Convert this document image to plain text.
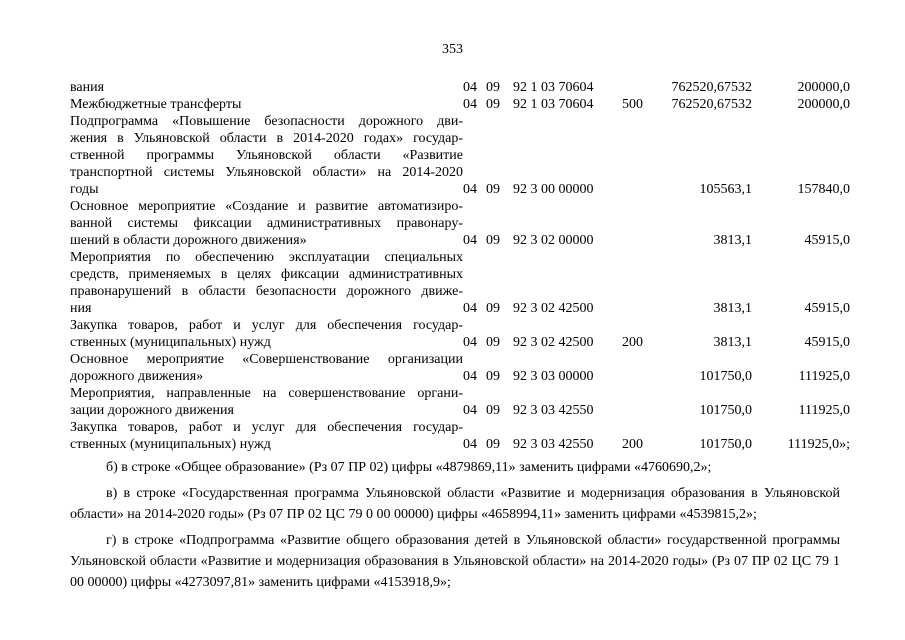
353
вания	04	09	92 1 03 70604		762520,67532	200000,0

Межбюджетные трансферты	04	09	92 1 03 70604	500	762520,67532	200000,0

Подпрограмма «Повышение безопасности дорожного дви-
жения в Ульяновской области в 2014-2020 годах» государ-
ственной программы Ульяновской области «Развитие
транспортной системы Ульяновской области» на 2014-2020
годы	04	09	92 3 00 00000		105563,1	157840,0

Основное мероприятие «Создание и развитие автоматизиро-
ванной системы фиксации административных правонару-
шений в области дорожного движения»	04	09	92 3 02 00000		3813,1	45915,0

Мероприятия по обеспечению эксплуатации специальных
средств, применяемых в целях фиксации административных
правонарушений в области безопасности дорожного движе-
ния	04	09	92 3 02 42500		3813,1	45915,0

Закупка товаров, работ и услуг для обеспечения государ-
ственных (муниципальных) нужд	04	09	92 3 02 42500	200	3813,1	45915,0

Основное мероприятие «Совершенствование организации
дорожного движения»	04	09	92 3 03 00000		101750,0	111925,0

Мероприятия, направленные на совершенствование органи-
зации дорожного движения	04	09	92 3 03 42550		101750,0	111925,0

Закупка товаров, работ и услуг для обеспечения государ-
ственных (муниципальных) нужд	04	09	92 3 03 42550	200	101750,0	111925,0»;

б) в строке «Общее образование» (Рз 07 ПР 02) цифры «4879869,11» заменить цифрами «4760690,2»;

в) в строке «Государственная программа Ульяновской области «Развитие и модернизация образования в Ульяновской области» на 2014-2020 годы» (Рз 07 ПР 02 ЦС 79 0 00 00000) цифры «4658994,11» заменить цифрами «4539815,2»;

г) в строке «Подпрограмма «Развитие общего образования детей в Ульяновской области» государственной программы Ульяновской области «Развитие и модернизация образования в Ульяновской области» на 2014-2020 годы» (Рз 07 ПР 02 ЦС 79 1 00 00000) цифры «4273097,81» заменить цифрами «4153918,9»;
